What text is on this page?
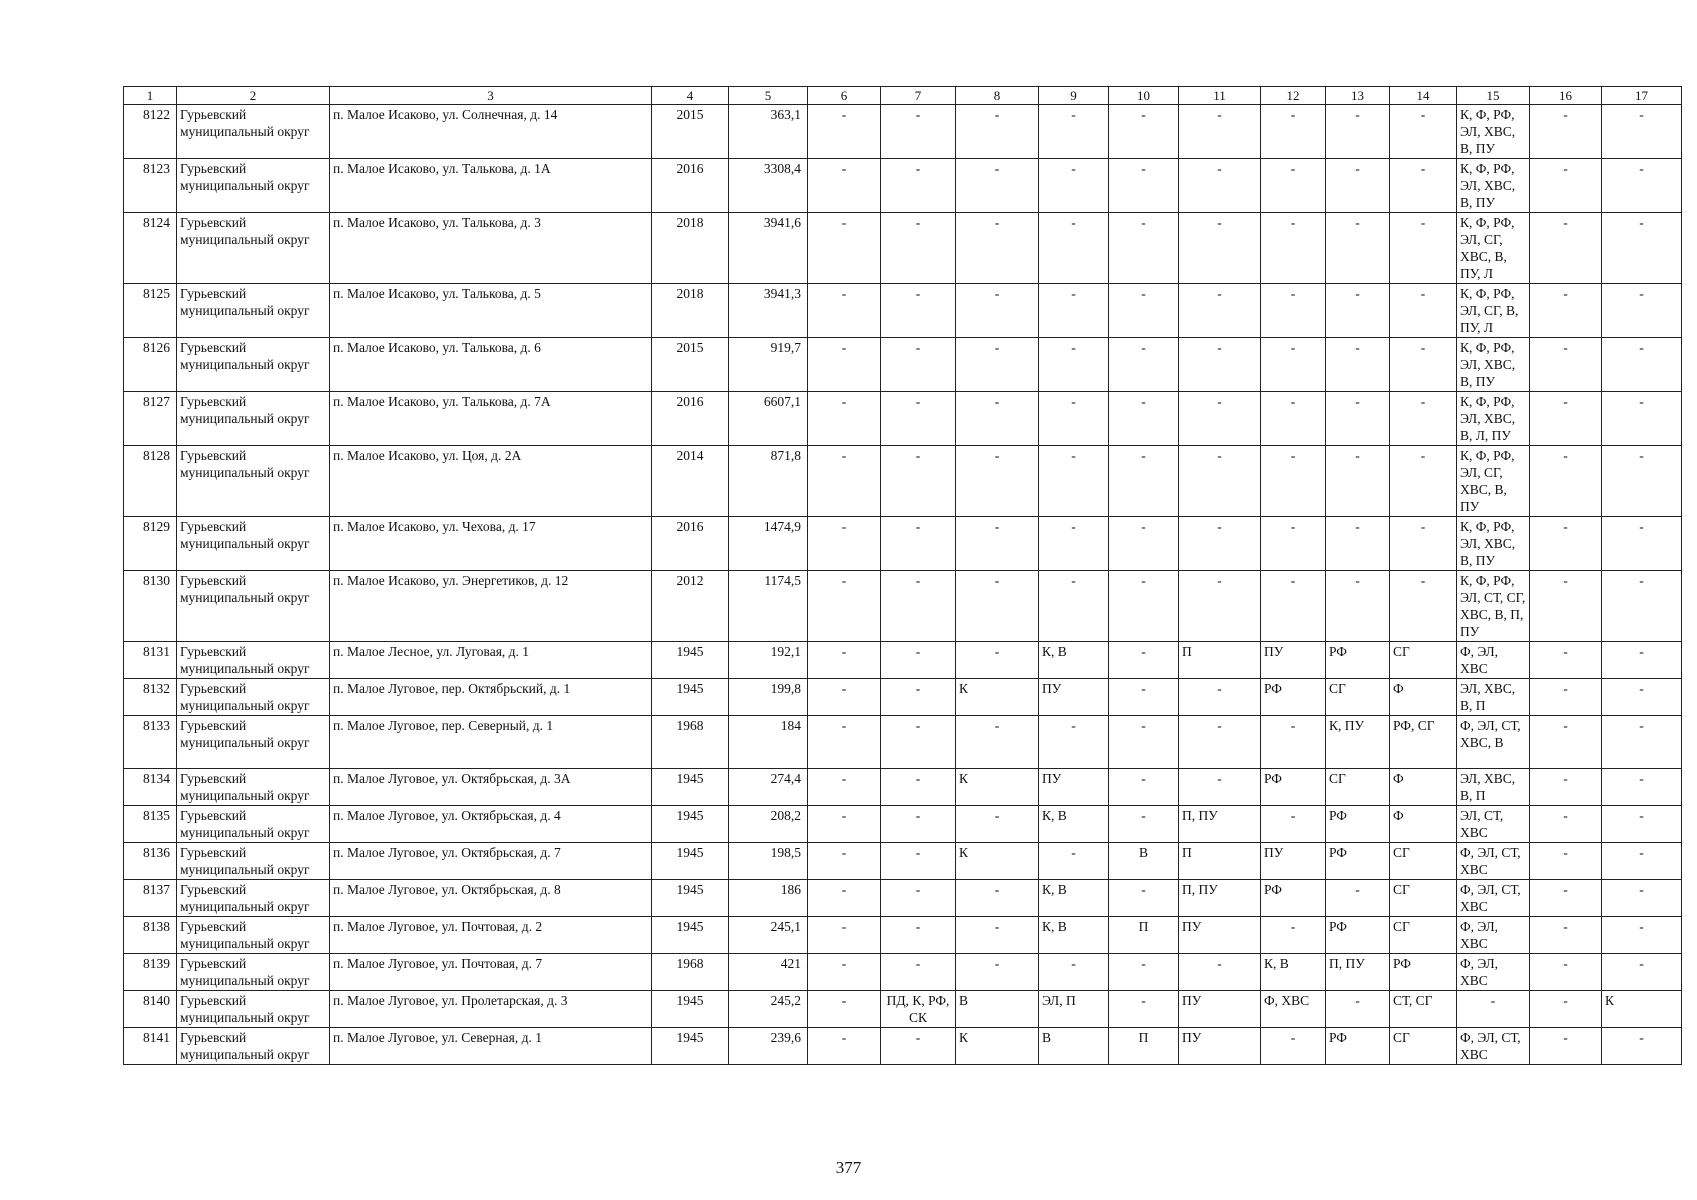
1	2	3	4	5	6	7	8	9	10	11	12	13	14	15	16	17
8122	Гурьевский муниципальный округ	п. Малое Исаково, ул. Солнечная, д. 14	2015	363,1	-	-	-	-	-	-	-	-	-	К, Ф, РФ, ЭЛ, ХВС, В, ПУ	-	-
8123	Гурьевский муниципальный округ	п. Малое Исаково, ул. Талькова, д. 1А	2016	3308,4	-	-	-	-	-	-	-	-	-	К, Ф, РФ, ЭЛ, ХВС, В, ПУ	-	-
8124	Гурьевский муниципальный округ	п. Малое Исаково, ул. Талькова, д. 3	2018	3941,6	-	-	-	-	-	-	-	-	-	К, Ф, РФ, ЭЛ, СГ, ХВС, В, ПУ, Л	-	-
8125	Гурьевский муниципальный округ	п. Малое Исаково, ул. Талькова, д. 5	2018	3941,3	-	-	-	-	-	-	-	-	-	К, Ф, РФ, ЭЛ, СГ, В, ПУ, Л	-	-
8126	Гурьевский муниципальный округ	п. Малое Исаково, ул. Талькова, д. 6	2015	919,7	-	-	-	-	-	-	-	-	-	К, Ф, РФ, ЭЛ, ХВС, В, ПУ	-	-
8127	Гурьевский муниципальный округ	п. Малое Исаково, ул. Талькова, д. 7А	2016	6607,1	-	-	-	-	-	-	-	-	-	К, Ф, РФ, ЭЛ, ХВС, В, Л, ПУ	-	-
8128	Гурьевский муниципальный округ	п. Малое Исаково, ул. Цоя, д. 2А	2014	871,8	-	-	-	-	-	-	-	-	-	К, Ф, РФ, ЭЛ, СГ, ХВС, В, ПУ	-	-
8129	Гурьевский муниципальный округ	п. Малое Исаково, ул. Чехова, д. 17	2016	1474,9	-	-	-	-	-	-	-	-	-	К, Ф, РФ, ЭЛ, ХВС, В, ПУ	-	-
8130	Гурьевский муниципальный округ	п. Малое Исаково, ул. Энергетиков, д. 12	2012	1174,5	-	-	-	-	-	-	-	-	-	К, Ф, РФ, ЭЛ, СТ, СГ, ХВС, В, П, ПУ	-	-
8131	Гурьевский муниципальный округ	п. Малое Лесное, ул. Луговая, д. 1	1945	192,1	-	-	-	К, В	-	П	ПУ	РФ	СГ	Ф, ЭЛ, ХВС	-	-
8132	Гурьевский муниципальный округ	п. Малое Луговое, пер. Октябрьский, д. 1	1945	199,8	-	-	К	ПУ	-	-	РФ	СГ	Ф	ЭЛ, ХВС, В, П	-	-
8133	Гурьевский муниципальный округ	п. Малое Луговое, пер. Северный, д. 1	1968	184	-	-	-	-	-	-	-	К, ПУ	РФ, СГ	Ф, ЭЛ, СТ, ХВС, В	-	-
8134	Гурьевский муниципальный округ	п. Малое Луговое, ул. Октябрьская, д. 3А	1945	274,4	-	-	К	ПУ	-	-	РФ	СГ	Ф	ЭЛ, ХВС, В, П	-	-
8135	Гурьевский муниципальный округ	п. Малое Луговое, ул. Октябрьская, д. 4	1945	208,2	-	-	-	К, В	-	П, ПУ	-	РФ	Ф	ЭЛ, СТ, ХВС	-	-
8136	Гурьевский муниципальный округ	п. Малое Луговое, ул. Октябрьская, д. 7	1945	198,5	-	-	К	-	В	П	ПУ	РФ	СГ	Ф, ЭЛ, СТ, ХВС	-	-
8137	Гурьевский муниципальный округ	п. Малое Луговое, ул. Октябрьская, д. 8	1945	186	-	-	-	К, В	-	П, ПУ	РФ	-	СГ	Ф, ЭЛ, СТ, ХВС	-	-
8138	Гурьевский муниципальный округ	п. Малое Луговое, ул. Почтовая, д. 2	1945	245,1	-	-	-	К, В	П	ПУ	-	РФ	СГ	Ф, ЭЛ, ХВС	-	-
8139	Гурьевский муниципальный округ	п. Малое Луговое, ул. Почтовая, д. 7	1968	421	-	-	-	-	-	-	К, В	П, ПУ	РФ	Ф, ЭЛ, ХВС	-	-
8140	Гурьевский муниципальный округ	п. Малое Луговое, ул. Пролетарская, д. 3	1945	245,2	-	ПД, К, РФ, СК	В	ЭЛ, П	-	ПУ	Ф, ХВС	-	СТ, СГ	-	-	К
8141	Гурьевский муниципальный округ	п. Малое Луговое, ул. Северная, д. 1	1945	239,6	-	-	К	В	П	ПУ	-	РФ	СГ	Ф, ЭЛ, СТ, ХВС	-	-
377
